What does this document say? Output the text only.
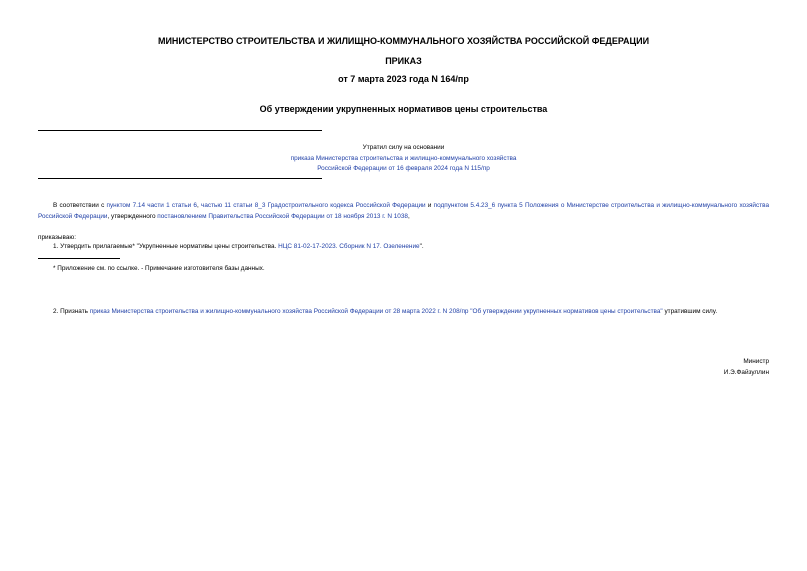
МИНИСТЕРСТВО СТРОИТЕЛЬСТВА И ЖИЛИЩНО-КОММУНАЛЬНОГО ХОЗЯЙСТВА РОССИЙСКОЙ ФЕДЕРАЦИИ
ПРИКАЗ
от 7 марта 2023 года N 164/пр
Об утверждении укрупненных нормативов цены строительства
Утратил силу на основании
приказа Министерства строительства и жилищно-коммунального хозяйства
Российской Федерации от 16 февраля 2024 года N 115/пр
В соответствии с пунктом 7.14 части 1 статьи 6, частью 11 статьи 8_3 Градостроительного кодекса Российской Федерации и подпунктом 5.4.23_6 пункта 5 Положения о Министерстве строительства и жилищно-коммунального хозяйства Российской Федерации, утвержденного постановлением Правительства Российской Федерации от 18 ноября 2013 г. N 1038,
приказываю:
1. Утвердить прилагаемые* "Укрупненные нормативы цены строительства. НЦС 81-02-17-2023. Сборник N 17. Озеленение".
* Приложение см. по ссылке. - Примечание изготовителя базы данных.
2. Признать приказ Министерства строительства и жилищно-коммунального хозяйства Российской Федерации от 28 марта 2022 г. N 208/пр "Об утверждении укрупненных нормативов цены строительства" утратившим силу.
Министр
И.Э.Файзуллин
